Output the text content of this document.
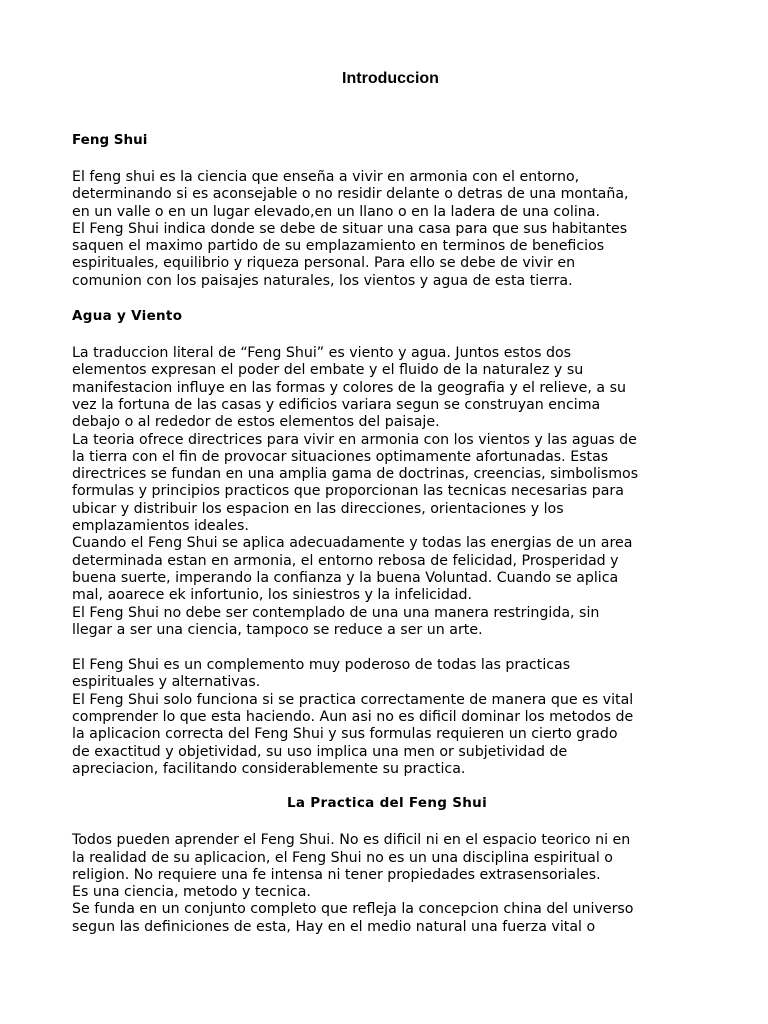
Introduccion
Feng Shui

El feng shui es la ciencia que enseña a vivir en armonia con el entorno,
determinando si es aconsejable o no residir delante o detras de una montaña,
en un valle o en un lugar elevado,en un llano o en la ladera de una colina.
El Feng Shui indica donde se debe de situar una casa para que sus habitantes
saquen el maximo partido de su emplazamiento en terminos de beneficios
espirituales, equilibrio y riqueza personal. Para ello se debe de vivir en
comunion con los paisajes naturales, los vientos y agua de esta tierra.

Agua y Viento

La traduccion literal de “Feng Shui” es viento y agua. Juntos estos dos
elementos expresan el poder del embate y el fluido de la naturalez y su
manifestacion influye en las formas y colores de la geografia y el relieve, a su
vez la fortuna de las casas y edificios variara segun se construyan encima
debajo o al rededor de estos elementos del paisaje.
La teoria ofrece directrices para vivir en armonia con los vientos y las aguas de
la tierra con el fin de provocar situaciones optimamente afortunadas. Estas
directrices se fundan en una amplia gama de doctrinas, creencias, simbolismos
formulas y principios practicos que proporcionan las tecnicas necesarias para
ubicar y distribuir los espacion en las direcciones, orientaciones y los
emplazamientos ideales.
Cuando el Feng Shui se aplica adecuadamente y todas las energias de un area
determinada estan en armonia, el entorno rebosa de felicidad, Prosperidad y
buena suerte, imperando la confianza y la buena Voluntad. Cuando se aplica
mal, aoarece ek infortunio, los siniestros y la infelicidad.
El Feng Shui no debe ser contemplado de una una manera restringida, sin
llegar a ser una ciencia, tampoco se reduce a ser un arte.

El Feng Shui es un complemento muy poderoso de todas las practicas
espirituales y alternativas.
El Feng Shui solo funciona si se practica correctamente de manera que es vital
comprender lo que esta haciendo. Aun asi no es dificil dominar los metodos de
la aplicacion correcta del Feng Shui y sus formulas requieren un cierto grado
de exactitud y objetividad, su uso implica una men or subjetividad de
apreciacion, facilitando considerablemente su practica.

La Practica del Feng Shui

Todos pueden aprender el Feng Shui. No es dificil ni en el espacio teorico ni en
la realidad de su aplicacion, el Feng Shui no es un una disciplina espiritual o
religion. No requiere una fe intensa ni tener propiedades extrasensoriales.
Es una ciencia, metodo y tecnica.
Se funda en un conjunto completo que refleja la concepcion china del universo
segun las definiciones de esta, Hay en el medio natural una fuerza vital o
